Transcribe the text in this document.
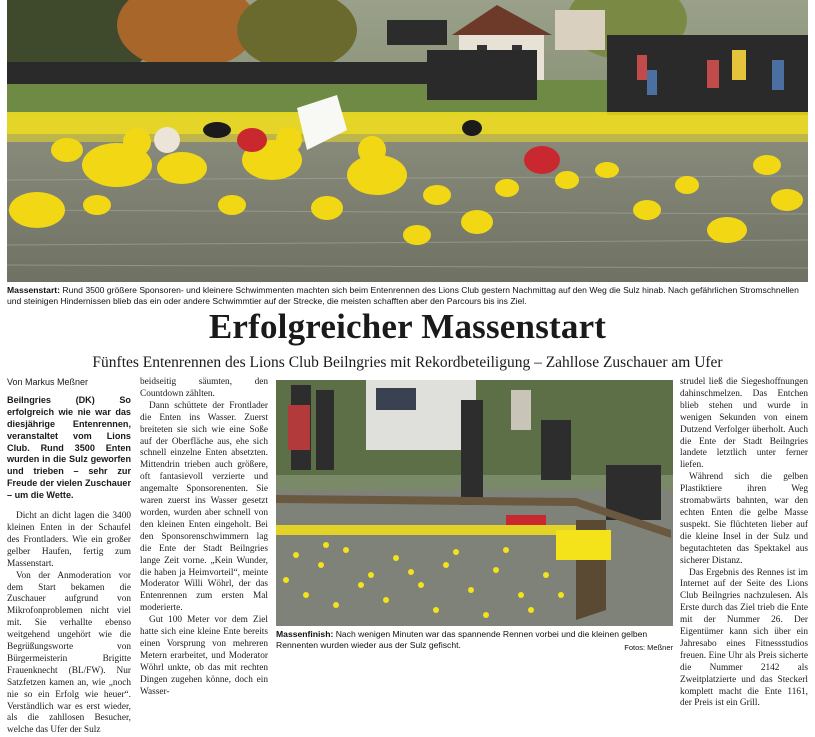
Massenstart: Rund 3500 größere Sponsoren- und kleinere Schwimmenten machten sich beim Entenrennen des Lions Club gestern Nachmittag auf den Weg die Sulz hinab. Nach gefährlichen Stromschnellen und steinigen Hindernissen blieb das ein oder andere Schwimmtier auf der Strecke, die meisten schafften aber den Parcours bis ins Ziel.
Erfolgreicher Massenstart
Fünftes Entenrennen des Lions Club Beilngries mit Rekordbeteiligung – Zahllose Zuschauer am Ufer
Von Markus Meßner

Beilngries (DK) So erfolgreich wie nie war das diesjährige Entenrennen, veranstaltet vom Lions Club. Rund 3500 Enten wurden in die Sulz geworfen und trieben – sehr zur Freude der vielen Zuschauer – um die Wette.

Dicht an dicht lagen die 3400 kleinen Enten in der Schaufel des Frontladers. Wie ein großer gelber Haufen, fertig zum Massenstart.

Von der Anmoderation vor dem Start bekamen die Zuschauer aufgrund von Mikrofonproblemen nicht viel mit. Sie verhallte ebenso weitgehend ungehört wie die Begrüßungsworte von Bürgermeisterin Brigitte Frauenknecht (BL/FW). Nur Satzfetzen kamen an, wie „noch nie so ein Erfolg wie heuer“. Verständlich war es erst wieder, als die zahllosen Besucher, welche das Ufer der Sulz

beidseitig säumten, den Countdown zählten.

Dann schüttete der Frontlader die Enten ins Wasser. Zuerst breiteten sie sich wie eine Soße auf der Oberfläche aus, ehe sich schnell einzelne Enten absetzten. Mittendrin trieben auch größere, oft fantasievoll verzierte und angemalte Sponsorenenten. Sie waren zuerst ins Wasser gesetzt worden, wurden aber schnell von den kleinen Enten eingeholt. Bei den Sponsorenschwimmern lag die Ente der Stadt Beilngries lange Zeit vorne. „Kein Wunder, die haben ja Heimvorteil“, meinte Moderator Willi Wöhrl, der das Entenrennen zum ersten Mal moderierte.

Gut 100 Meter vor dem Ziel hatte sich eine kleine Ente bereits einen Vorsprung von mehreren Metern erarbeitet, und Moderator Wöhrl unkte, ob das mit rechten Dingen zugehen könne, doch ein Wasser-

Massenfinish: Nach wenigen Minuten war das spannende Rennen vorbei und die kleinen gelben Rennenten wurden wieder aus der Sulz gefischt.	Fotos: Meßner

strudel ließ die Siegeshoffnungen dahinschmelzen. Das Entchen blieb stehen und wurde in wenigen Sekunden von einem Dutzend Verfolger überholt. Auch die Ente der Stadt Beilngries landete letztlich unter ferner liefen.

Während sich die gelben Plastiktiere ihren Weg stromabwärts bahnten, war den echten Enten die gelbe Masse suspekt. Sie flüchteten lieber auf die kleine Insel in der Sulz und begutachteten das Spektakel aus sicherer Distanz.

Das Ergebnis des Rennes ist im Internet auf der Seite des Lions Club Beilngries nachzulesen. Als Erste durch das Ziel trieb die Ente mit der Nummer 26. Der Eigentümer kann sich über ein Jahresabo eines Fitnessstudios freuen. Eine Uhr als Preis sicherte die Nummer 2142 als Zweitplatzierte und das Steckerl komplett macht die Ente 1161, der Preis ist ein Grill.
